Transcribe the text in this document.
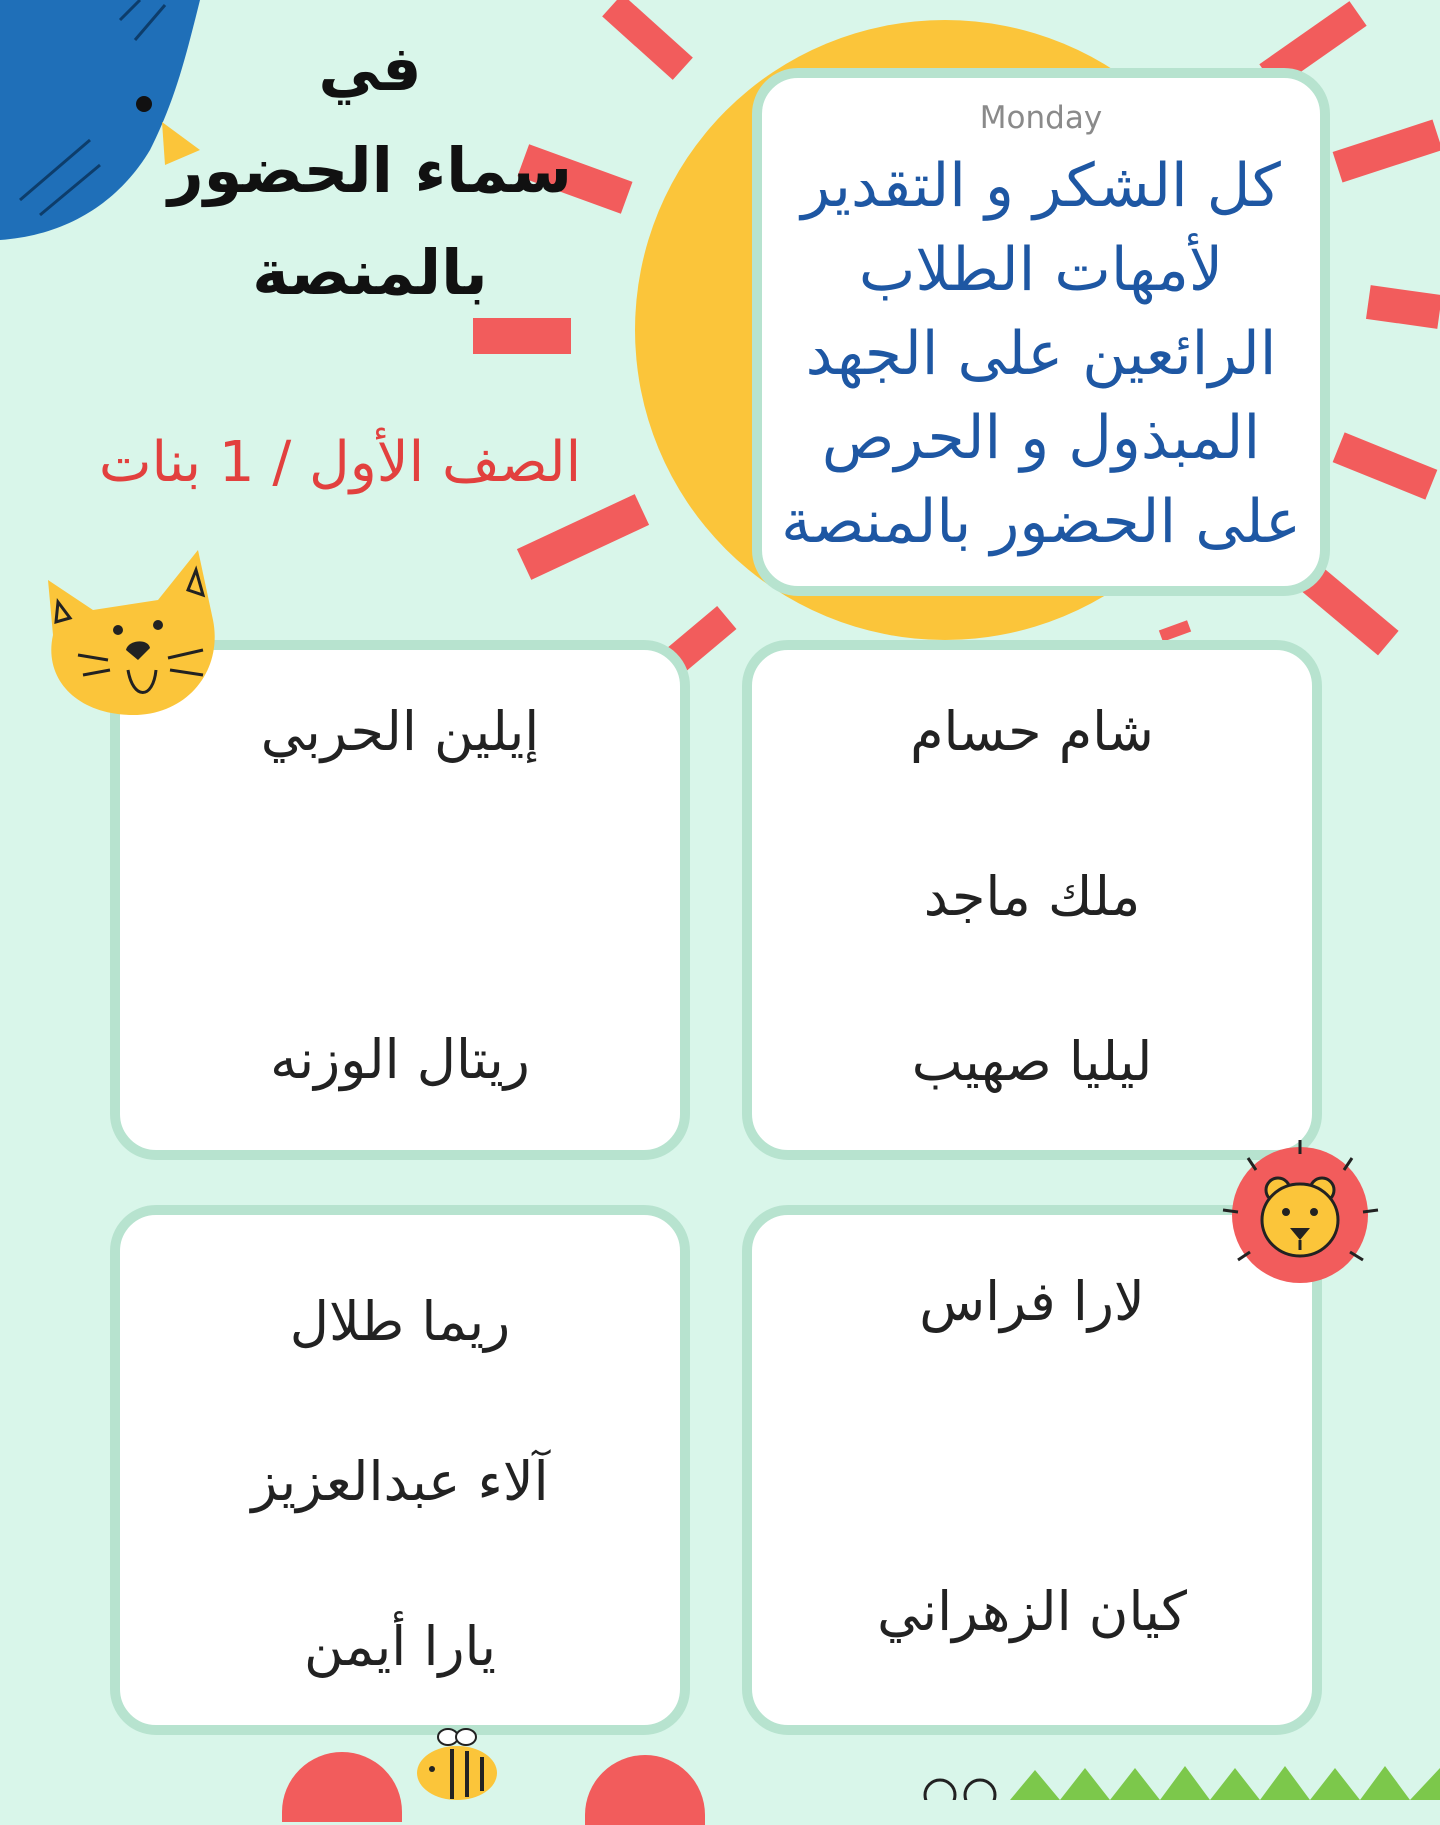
في
سماء الحضور
بالمنصة
الصف الأول / 1 بنات
Monday
كل الشكر و التقدير
لأمهات الطلاب
الرائعين على الجهد
المبذول و الحرص
على الحضور بالمنصة
إيلين الحربي
ريتال الوزنه
شام حسام
ملك ماجد
ليليا صهيب
ريما طلال
آلاء عبدالعزيز
يارا أيمن
لارا فراس
كيان الزهراني
